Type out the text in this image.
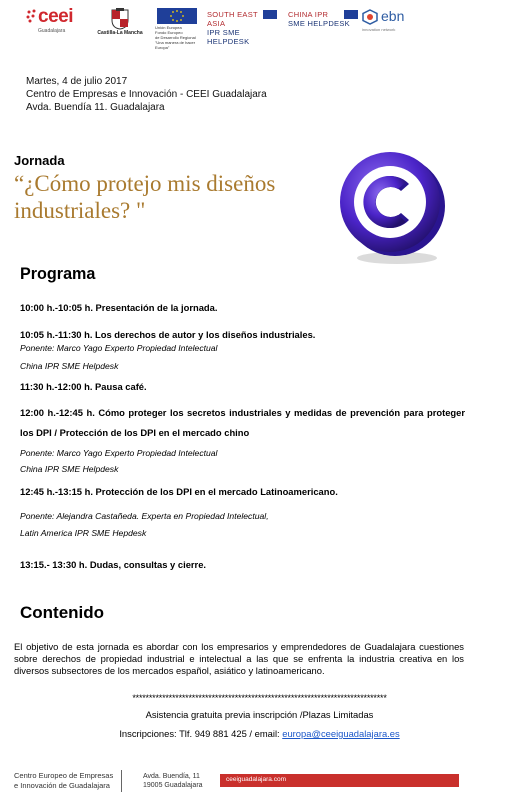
ceei
Guadalajara	Castilla-La Mancha
Unión Europea
Fondo Europeo
de Desarrollo Regional
"Una manera de hacer Europa"
SOUTH EAST ASIA
IPR SME HELPDESK
CHINA IPR
SME HELPDESK	ebn
innovation network
Martes, 4 de julio 2017
Centro de Empresas e Innovación - CEEI Guadalajara
Avda. Buendía 11. Guadalajara
Jornada
“¿Cómo protejo mis diseños
industriales? "
Programa
10:00 h.-10:05 h. Presentación de la jornada.
10:05 h.-11:30 h. Los derechos de autor y los diseños industriales.
Ponente: Marco Yago Experto Propiedad Intelectual
China IPR SME Helpdesk
11:30 h.-12:00 h. Pausa café.
12:00 h.-12:45 h. Cómo proteger los secretos industriales y medidas de prevención para proteger los DPI / Protección de los DPI en el mercado chino
Ponente: Marco Yago Experto Propiedad Intelectual
China IPR SME Helpdesk
12:45 h.-13:15 h. Protección de los DPI en el mercado Latinoamericano.
Ponente: Alejandra Castañeda. Experta en Propiedad Intelectual,
Latin America IPR SME Hepdesk
13:15.- 13:30 h. Dudas, consultas y cierre.
Contenido
El objetivo de esta jornada es abordar con los empresarios y emprendedores de Guadalajara cuestiones sobre derechos de propiedad industrial e intelectual a las que se enfrenta la industria creativa en los diversos subsectores de los mercados español, asiático y latinoamericano.
*****************************************************************************
Asistencia gratuita previa inscripción /Plazas Limitadas
Inscripciones: Tlf. 949 881 425 / email: europa@ceeiguadalajara.es
Centro Europeo de Empresas
e Innovación de Guadalajara
Avda. Buendía, 11
19005 Guadalajara
ceeiguadalajara.com
